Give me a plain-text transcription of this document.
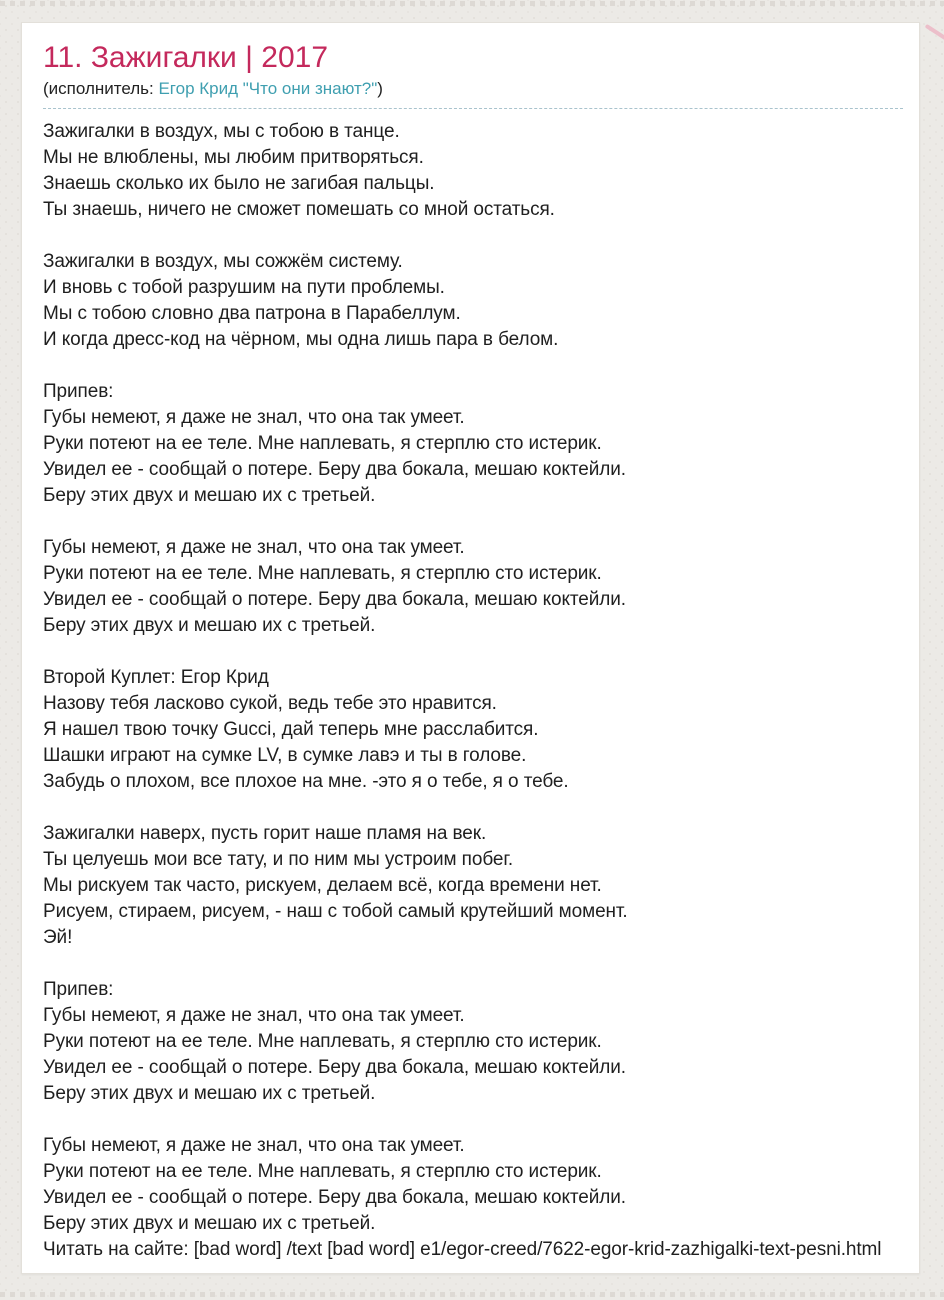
11. Зажигалки | 2017
(исполнитель: Егор Крид "Что они знают?")
Зажигалки в воздух, мы с тобою в танце.
Мы не влюблены, мы любим притворяться.
Знаешь сколько их было не загибая пальцы.
Ты знаешь, ничего не сможет помешать со мной остаться.
Зажигалки в воздух, мы сожжём систему.
И вновь с тобой разрушим на пути проблемы.
Мы с тобою словно два патрона в Парабеллум.
И когда дресс-код на чёрном, мы одна лишь пара в белом.
Припев:
Губы немеют, я даже не знал, что она так умеет.
Руки потеют на ее теле. Мне наплевать, я стерплю сто истерик.
Увидел ее - сообщай о потере. Беру два бокала, мешаю коктейли.
Беру этих двух и мешаю их с третьей.
Губы немеют, я даже не знал, что она так умеет.
Руки потеют на ее теле. Мне наплевать, я стерплю сто истерик.
Увидел ее - сообщай о потере. Беру два бокала, мешаю коктейли.
Беру этих двух и мешаю их с третьей.
Второй Куплет: Егор Крид
Назову тебя ласково сукой, ведь тебе это нравится.
Я нашел твою точку Gucci, дай теперь мне расслабится.
Шашки играют на сумке LV, в сумке лавэ и ты в голове.
Забудь о плохом, все плохое на мне. -это я о тебе, я о тебе.
Зажигалки наверх, пусть горит наше пламя на век.
Ты целуешь мои все тату, и по ним мы устроим побег.
Мы рискуем так часто, рискуем, делаем всё, когда времени нет.
Рисуем, стираем, рисуем, - наш с тобой самый крутейший момент.
Эй!
Припев:
Губы немеют, я даже не знал, что она так умеет.
Руки потеют на ее теле. Мне наплевать, я стерплю сто истерик.
Увидел ее - сообщай о потере. Беру два бокала, мешаю коктейли.
Беру этих двух и мешаю их с третьей.
Губы немеют, я даже не знал, что она так умеет.
Руки потеют на ее теле. Мне наплевать, я стерплю сто истерик.
Увидел ее - сообщай о потере. Беру два бокала, мешаю коктейли.
Беру этих двух и мешаю их с третьей.
Читать на сайте: [bad word] /text [bad word] e1/egor-creed/7622-egor-krid-zazhigalki-text-pesni.html
